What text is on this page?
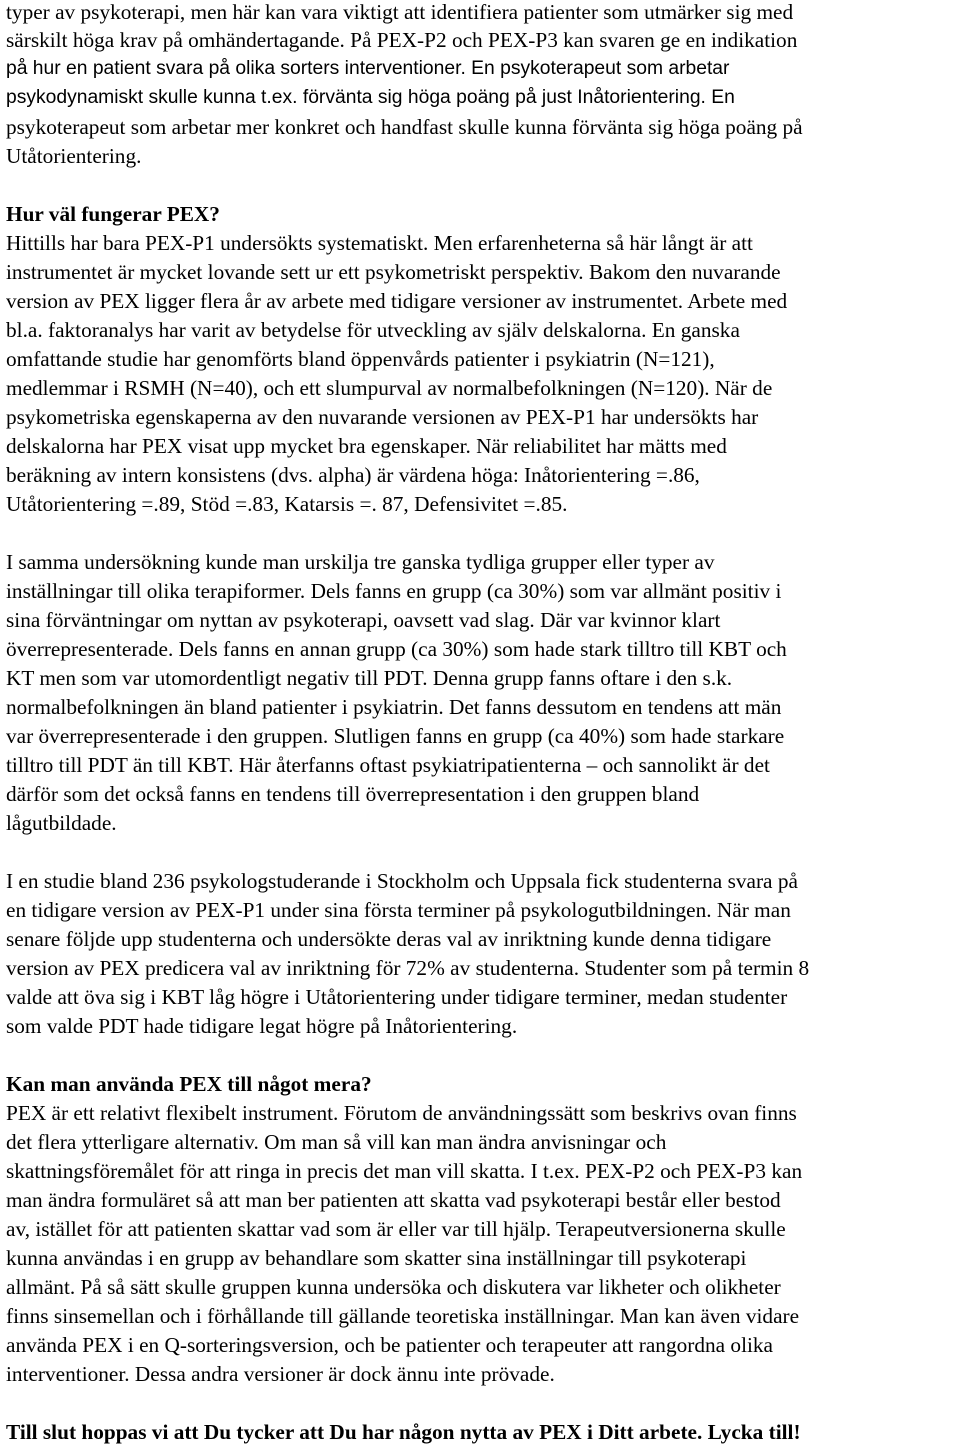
typer av psykoterapi, men här kan vara viktigt att identifiera patienter som utmärker sig med
särskilt höga krav på omhändertagande. På PEX-P2 och PEX-P3 kan svaren ge en indikation
på hur en patient svara på olika sorters interventioner. En psykoterapeut som arbetar
psykodynamiskt skulle kunna t.ex. förvänta sig höga poäng på just Inåtorientering. En
psykoterapeut som arbetar mer konkret och handfast skulle kunna förvänta sig höga poäng på
Utåtorientering.
Hur väl fungerar PEX?
Hittills har bara PEX-P1 undersökts systematiskt. Men erfarenheterna så här långt är att
instrumentet är mycket lovande sett ur ett psykometriskt perspektiv. Bakom den nuvarande
version av PEX ligger flera år av arbete med tidigare versioner av instrumentet. Arbete med
bl.a. faktoranalys har varit av betydelse för utveckling av själv delskalorna. En ganska
omfattande studie har genomförts bland öppenvårds patienter i psykiatrin (N=121),
medlemmar i RSMH (N=40), och ett slumpurval av normalbefolkningen (N=120). När de
psykometriska egenskaperna av den nuvarande versionen av PEX-P1 har undersökts har
delskalorna har PEX visat upp mycket bra egenskaper. När reliabilitet har mätts med
beräkning av intern konsistens (dvs. alpha) är värdena höga: Inåtorientering =.86,
Utåtorientering =.89, Stöd =.83, Katarsis =. 87, Defensivitet =.85.
I samma undersökning kunde man urskilja tre ganska tydliga grupper eller typer av
inställningar till olika terapiformer. Dels fanns en grupp (ca 30%) som var allmänt positiv i
sina förväntningar om nyttan av psykoterapi, oavsett vad slag. Där var kvinnor klart
överrepresenterade. Dels fanns en annan grupp (ca 30%) som hade stark tilltro till KBT och
KT men som var utomordentligt negativ till PDT. Denna grupp fanns oftare i den s.k.
normalbefolkningen än bland patienter i psykiatrin. Det fanns dessutom en tendens att män
var överrepresenterade i den gruppen. Slutligen fanns en grupp (ca 40%) som hade starkare
tilltro till PDT än till KBT. Här återfanns oftast psykiatripatienterna – och sannolikt är det
därför som det också fanns en tendens till överrepresentation i den gruppen bland
lågutbildade.
I en studie bland 236 psykologstuderande i Stockholm och Uppsala fick studenterna svara på
en tidigare version av PEX-P1 under sina första terminer på psykologutbildningen. När man
senare följde upp studenterna och undersökte deras val av inriktning kunde denna tidigare
version av PEX predicera val av inriktning för 72% av studenterna. Studenter som på termin 8
valde att öva sig i KBT låg högre i Utåtorientering under tidigare terminer, medan studenter
som valde PDT hade tidigare legat högre på Inåtorientering.
Kan man använda PEX till något mera?
PEX är ett relativt flexibelt instrument. Förutom de användningssätt som beskrivs ovan finns
det flera ytterligare alternativ. Om man så vill kan man ändra anvisningar och
skattningsföremålet för att ringa in precis det man vill skatta. I t.ex. PEX-P2 och PEX-P3 kan
man ändra formuläret så att man ber patienten att skatta vad psykoterapi består eller bestod
av, istället för att patienten skattar vad som är eller var till hjälp. Terapeutversionerna skulle
kunna användas i en grupp av behandlare som skatter sina inställningar till psykoterapi
allmänt. På så sätt skulle gruppen kunna undersöka och diskutera var likheter och olikheter
finns sinsemellan och i förhållande till gällande teoretiska inställningar. Man kan även vidare
använda PEX i en Q-sorteringsversion, och be patienter och terapeuter att rangordna olika
interventioner. Dessa andra versioner är dock ännu inte prövade.
Till slut hoppas vi att Du tycker att Du har någon nytta av PEX i Ditt arbete. Lycka till!
